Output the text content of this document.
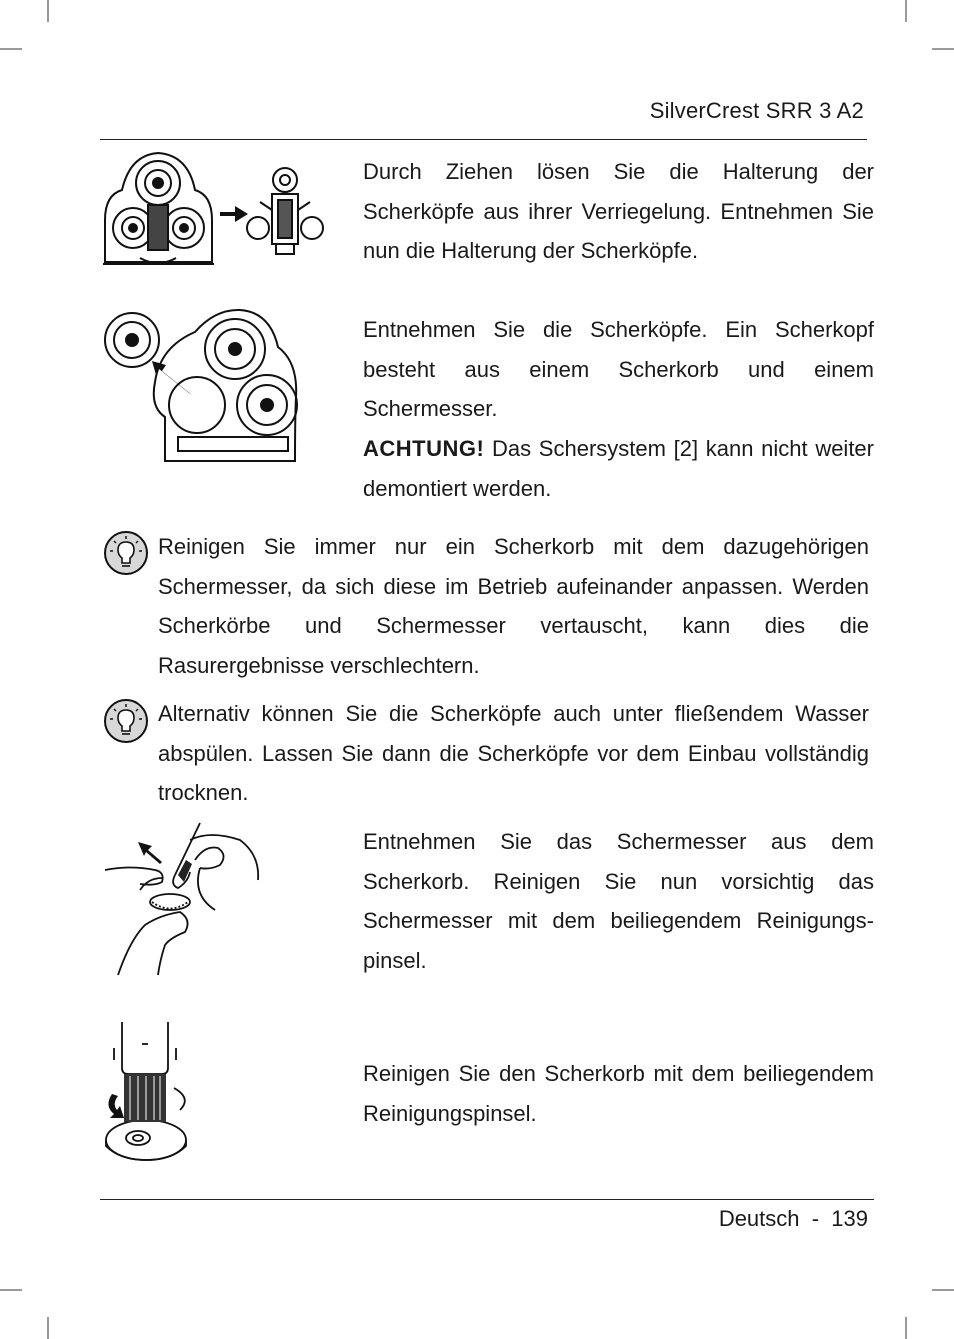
SilverCrest SRR 3 A2

Durch Ziehen lösen Sie die Halterung der Scherköpfe aus ihrer Verriegelung. Entnehmen Sie nun die Halterung der Scherköpfe.

Entnehmen Sie die Scherköpfe. Ein Scherkopf besteht aus einem Scherkorb und einem Schermesser.

ACHTUNG! Das Schersystem [2] kann nicht weiter demontiert werden.

Reinigen Sie immer nur ein Scherkorb mit dem dazugehörigen Schermesser, da sich diese im Betrieb aufeinander anpassen. Werden Scherkörbe und Schermesser vertauscht, kann dies die Rasurergebnisse verschlechtern.

Alternativ können Sie die Scherköpfe auch unter fließendem Wasser abspülen. Lassen Sie dann die Scherköpfe vor dem Einbau vollständig trocknen.

Entnehmen Sie das Schermesser aus dem Scherkorb. Reinigen Sie nun vorsichtig das Schermesser mit dem beiliegendem Reinigungs-pinsel.

Reinigen Sie den Scherkorb mit dem beiliegendem Reinigungspinsel.

Deutsch  -  139
